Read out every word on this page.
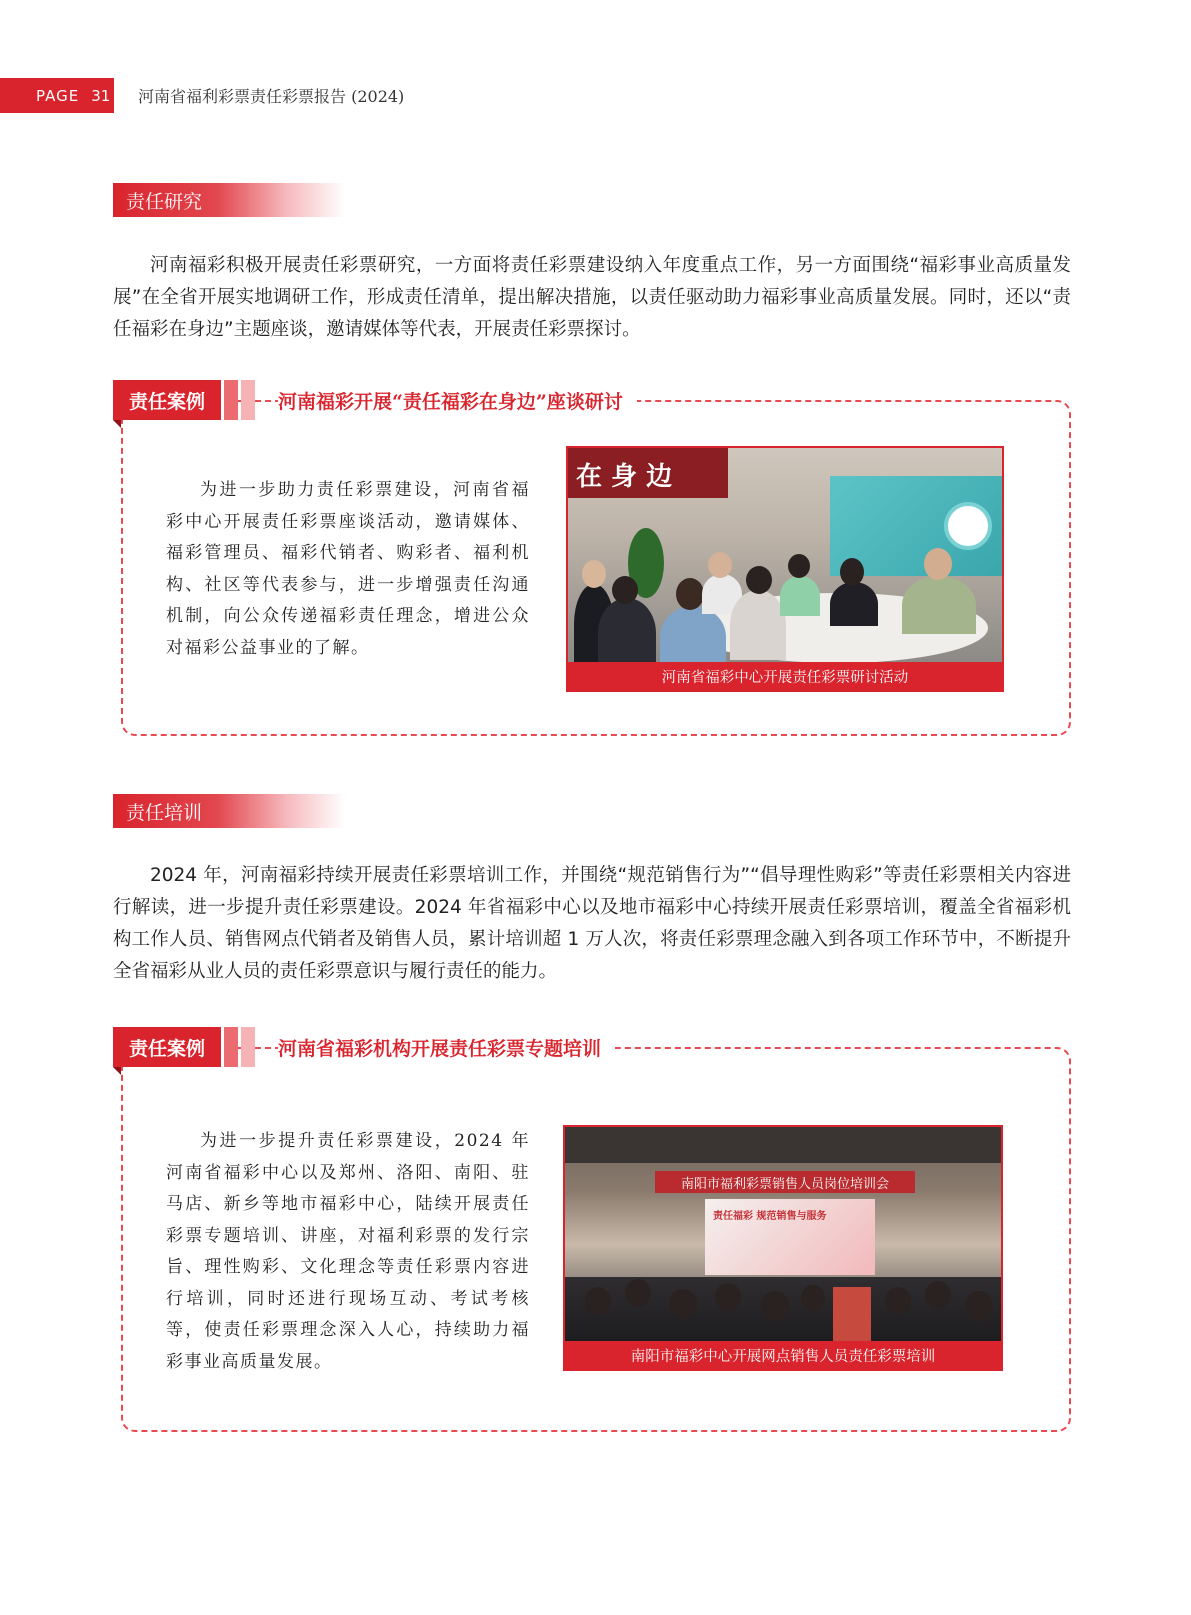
PAGE 31 河南省福利彩票责任彩票报告 (2024)
责任研究

河南福彩积极开展责任彩票研究，一方面将责任彩票建设纳入年度重点工作，另一方面围绕“福彩事业高质量发展”在全省开展实地调研工作，形成责任清单，提出解决措施，以责任驱动助力福彩事业高质量发展。同时，还以“责任福彩在身边”主题座谈，邀请媒体等代表，开展责任彩票探讨。

责任案例	河南福彩开展“责任福彩在身边”座谈研讨

为进一步助力责任彩票建设，河南省福彩中心开展责任彩票座谈活动，邀请媒体、福彩管理员、福彩代销者、购彩者、福利机构、社区等代表参与，进一步增强责任沟通机制，向公众传递福彩责任理念，增进公众对福彩公益事业的了解。

在 身 边
河南省福彩中心开展责任彩票研讨活动
责任培训

2024 年，河南福彩持续开展责任彩票培训工作，并围绕“规范销售行为”“倡导理性购彩”等责任彩票相关内容进行解读，进一步提升责任彩票建设。2024 年省福彩中心以及地市福彩中心持续开展责任彩票培训，覆盖全省福彩机构工作人员、销售网点代销者及销售人员，累计培训超 1 万人次，将责任彩票理念融入到各项工作环节中，不断提升全省福彩从业人员的责任彩票意识与履行责任的能力。

责任案例	河南省福彩机构开展责任彩票专题培训

为进一步提升责任彩票建设，2024 年河南省福彩中心以及郑州、洛阳、南阳、驻马店、新乡等地市福彩中心，陆续开展责任彩票专题培训、讲座，对福利彩票的发行宗旨、理性购彩、文化理念等责任彩票内容进行培训，同时还进行现场互动、考试考核等，使责任彩票理念深入人心，持续助力福彩事业高质量发展。

南阳市福利彩票销售人员岗位培训会
责任福彩 规范销售与服务
南阳市福彩中心开展网点销售人员责任彩票培训
